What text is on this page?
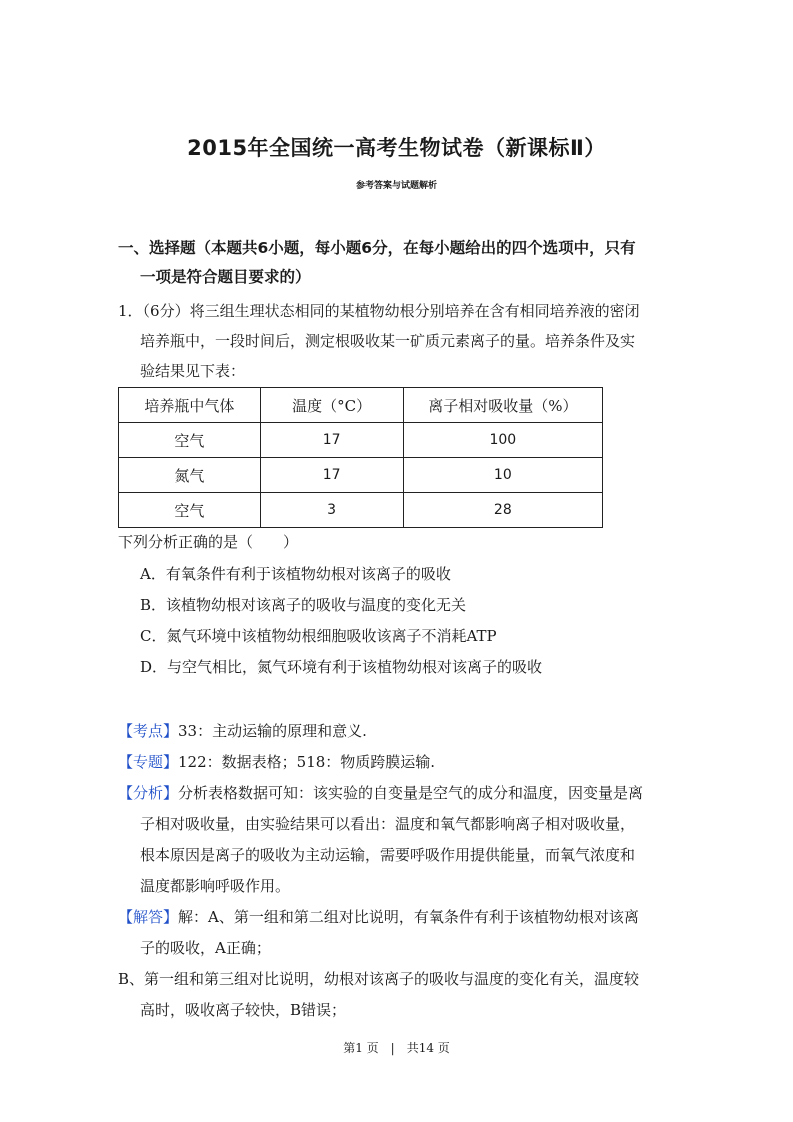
2015年全国统一高考生物试卷（新课标Ⅱ）
参考答案与试题解析
一、选择题（本题共6小题，每小题6分，在每小题给出的四个选项中，只有
一项是符合题目要求的）
1．（6分）将三组生理状态相同的某植物幼根分别培养在含有相同培养液的密闭
培养瓶中，一段时间后，测定根吸收某一矿质元素离子的量。培养条件及实
验结果见下表：
培养瓶中气体	温度（°C）	离子相对吸收量（%）
空气	17	100
氮气	17	10
空气	3	28
下列分析正确的是（　　）
A．有氧条件有利于该植物幼根对该离子的吸收
B．该植物幼根对该离子的吸收与温度的变化无关
C．氮气环境中该植物幼根细胞吸收该离子不消耗ATP
D．与空气相比，氮气环境有利于该植物幼根对该离子的吸收
【考点】33：主动运输的原理和意义.
【专题】122：数据表格；518：物质跨膜运输.
【分析】分析表格数据可知：该实验的自变量是空气的成分和温度，因变量是离
子相对吸收量，由实验结果可以看出：温度和氧气都影响离子相对吸收量，
根本原因是离子的吸收为主动运输，需要呼吸作用提供能量，而氧气浓度和
温度都影响呼吸作用。
【解答】解：A、第一组和第二组对比说明，有氧条件有利于该植物幼根对该离
子的吸收，A正确；
B、第一组和第三组对比说明，幼根对该离子的吸收与温度的变化有关，温度较
高时，吸收离子较快，B错误；
第1 页　|　共14 页
